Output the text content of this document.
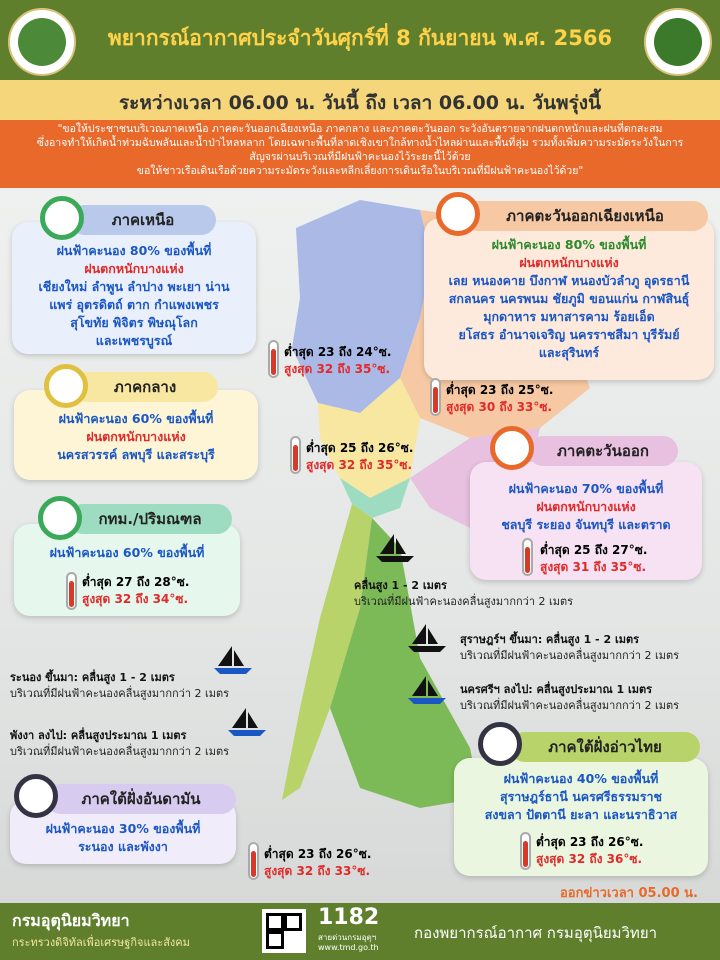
พยากรณ์อากาศประจำวันศุกร์ที่ 8 กันยายน พ.ศ. 2566
ระหว่างเวลา 06.00 น. วันนี้ ถึง เวลา 06.00 น. วันพรุ่งนี้
"ขอให้ประชาชนบริเวณภาคเหนือ ภาคตะวันออกเฉียงเหนือ ภาคกลาง และภาคตะวันออก ระวังอันตรายจากฝนตกหนักและฝนที่ตกสะสม
ซึ่งอาจทำให้เกิดน้ำท่วมฉับพลันและน้ำป่าไหลหลาก โดยเฉพาะพื้นที่ลาดเชิงเขาใกล้ทางน้ำไหลผ่านและพื้นที่ลุ่ม รวมทั้งเพิ่มความระมัดระวังในการ
สัญจรผ่านบริเวณที่มีฝนฟ้าคะนองไว้ระยะนี้ไว้ด้วย
ขอให้ชาวเรือเดินเรือด้วยความระมัดระวังและหลีกเลี่ยงการเดินเรือในบริเวณที่มีฝนฟ้าคะนองไว้ด้วย"
ภาคเหนือ
ฝนฟ้าคะนอง 80% ของพื้นที่
ฝนตกหนักบางแห่ง
เชียงใหม่ ลำพูน ลำปาง พะเยา น่าน
แพร่ อุตรดิตถ์ ตาก กำแพงเพชร
สุโขทัย พิจิตร พิษณุโลก
และเพชรบูรณ์
ต่ำสุด 23 ถึง 24°ซ.
สูงสุด 32 ถึง 35°ซ.
ภาคตะวันออกเฉียงเหนือ
ฝนฟ้าคะนอง 80% ของพื้นที่
ฝนตกหนักบางแห่ง
เลย หนองคาย บึงกาฬ หนองบัวลำภู อุดรธานี
สกลนคร นครพนม ชัยภูมิ ขอนแก่น กาฬสินธุ์
มุกดาหาร มหาสารคาม ร้อยเอ็ด
ยโสธร อำนาจเจริญ นครราชสีมา บุรีรัมย์
และสุรินทร์
ต่ำสุด 23 ถึง 25°ซ.
สูงสุด 30 ถึง 33°ซ.
ภาคกลาง
ฝนฟ้าคะนอง 60% ของพื้นที่
ฝนตกหนักบางแห่ง
นครสวรรค์ ลพบุรี และสระบุรี	ต่ำสุด 25 ถึง 26°ซ.
สูงสุด 32 ถึง 35°ซ.
ภาคตะวันออก
ฝนฟ้าคะนอง 70% ของพื้นที่
ฝนตกหนักบางแห่ง
ชลบุรี ระยอง จันทบุรี และตราด
ต่ำสุด 25 ถึง 27°ซ.
สูงสุด 31 ถึง 35°ซ.
กทม./ปริมณฑล
ฝนฟ้าคะนอง 60% ของพื้นที่
ต่ำสุด 27 ถึง 28°ซ.
สูงสุด 32 ถึง 34°ซ.
คลื่นสูง 1 - 2 เมตร
บริเวณที่มีฝนฟ้าคะนองคลื่นสูงมากกว่า 2 เมตร
สุราษฎร์ฯ ขึ้นมา: คลื่นสูง 1 - 2 เมตร
บริเวณที่มีฝนฟ้าคะนองคลื่นสูงมากกว่า 2 เมตร
ระนอง ขึ้นมา: คลื่นสูง 1 - 2 เมตร
บริเวณที่มีฝนฟ้าคะนองคลื่นสูงมากกว่า 2 เมตร	นครศรีฯ ลงไป: คลื่นสูงประมาณ 1 เมตร
บริเวณที่มีฝนฟ้าคะนองคลื่นสูงมากกว่า 2 เมตร
พังงา ลงไป: คลื่นสูงประมาณ 1 เมตร
บริเวณที่มีฝนฟ้าคะนองคลื่นสูงมากกว่า 2 เมตร	ภาคใต้ฝั่งอ่าวไทย
ฝนฟ้าคะนอง 40% ของพื้นที่
สุราษฎร์ธานี นครศรีธรรมราช
สงขลา ปัตตานี ยะลา และนราธิวาส
ต่ำสุด 23 ถึง 26°ซ.
สูงสุด 32 ถึง 36°ซ.
ภาคใต้ฝั่งอันดามัน
ฝนฟ้าคะนอง 30% ของพื้นที่
ระนอง และพังงา	ต่ำสุด 23 ถึง 26°ซ.
สูงสุด 32 ถึง 33°ซ.
ออกข่าวเวลา 05.00 น.
กรมอุตุนิยมวิทยา
กระทรวงดิจิทัลเพื่อเศรษฐกิจและสังคม
1182
สายด่วนกรมอุตุฯ
www.tmd.go.th
กองพยากรณ์อากาศ กรมอุตุนิยมวิทยา
